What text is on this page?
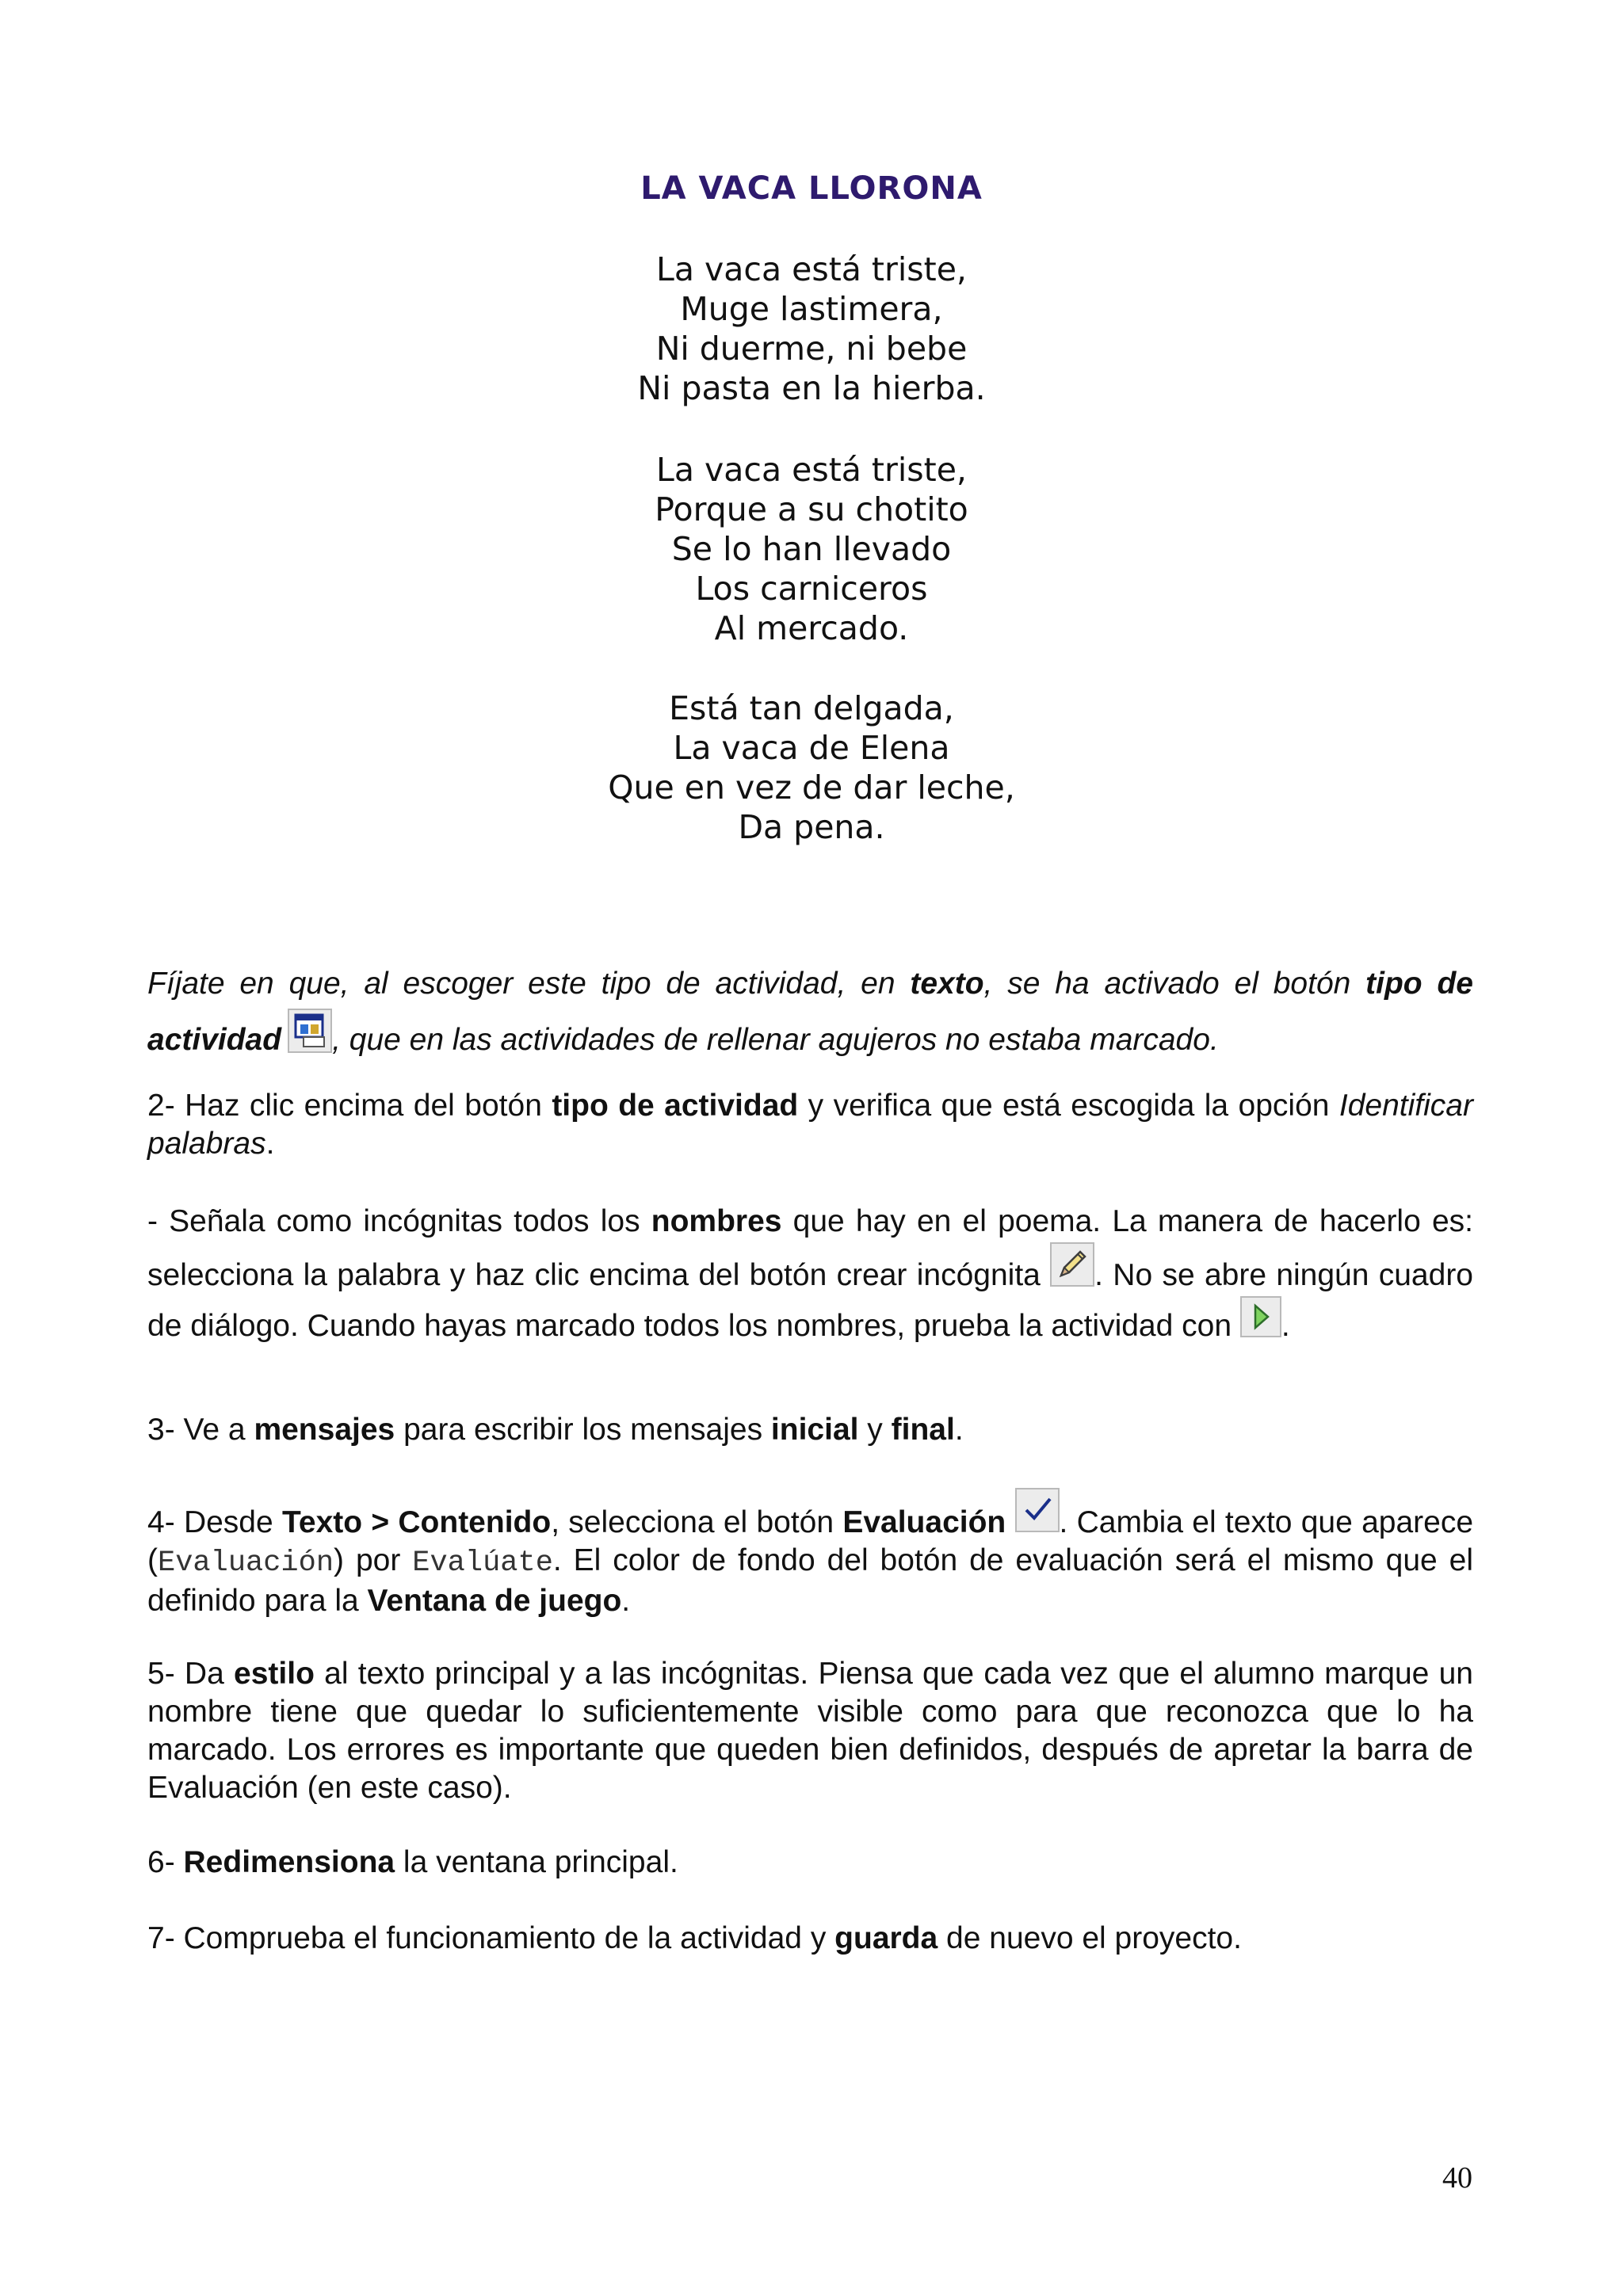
LA VACA LLORONA
La vaca está triste,
Muge lastimera,
Ni duerme, ni bebe
Ni pasta en la hierba.
La vaca está triste,
Porque a su chotito
Se lo han llevado
Los carniceros
Al mercado.
Está tan delgada,
La vaca de Elena
Que en vez de dar leche,
Da pena.
Fíjate en que, al escoger este tipo de actividad, en texto, se ha activado el botón tipo de actividad , que en las actividades de rellenar agujeros no estaba marcado.
2- Haz clic encima del botón tipo de actividad y verifica que está escogida la opción Identificar palabras.
- Señala como incógnitas todos los nombres que hay en el poema. La manera de hacerlo es: selecciona la palabra y haz clic encima del botón crear incógnita
. No se abre ningún cuadro de diálogo. Cuando hayas marcado todos los nombres, prueba la actividad con
.
3- Ve a mensajes para escribir los mensajes inicial y final.
4- Desde Texto > Contenido, selecciona el botón Evaluación . Cambia el texto que aparece (Evaluación) por Evalúate. El color de fondo del botón de evaluación será el mismo que el definido para la Ventana de juego.
5- Da estilo al texto principal y a las incógnitas. Piensa que cada vez que el alumno marque un nombre tiene que quedar lo suficientemente visible como para que reconozca que lo ha marcado. Los errores es importante que queden bien definidos, después de apretar la barra de Evaluación (en este caso).
6- Redimensiona la ventana principal.
7- Comprueba el funcionamiento de la actividad y guarda de nuevo el proyecto.
40
